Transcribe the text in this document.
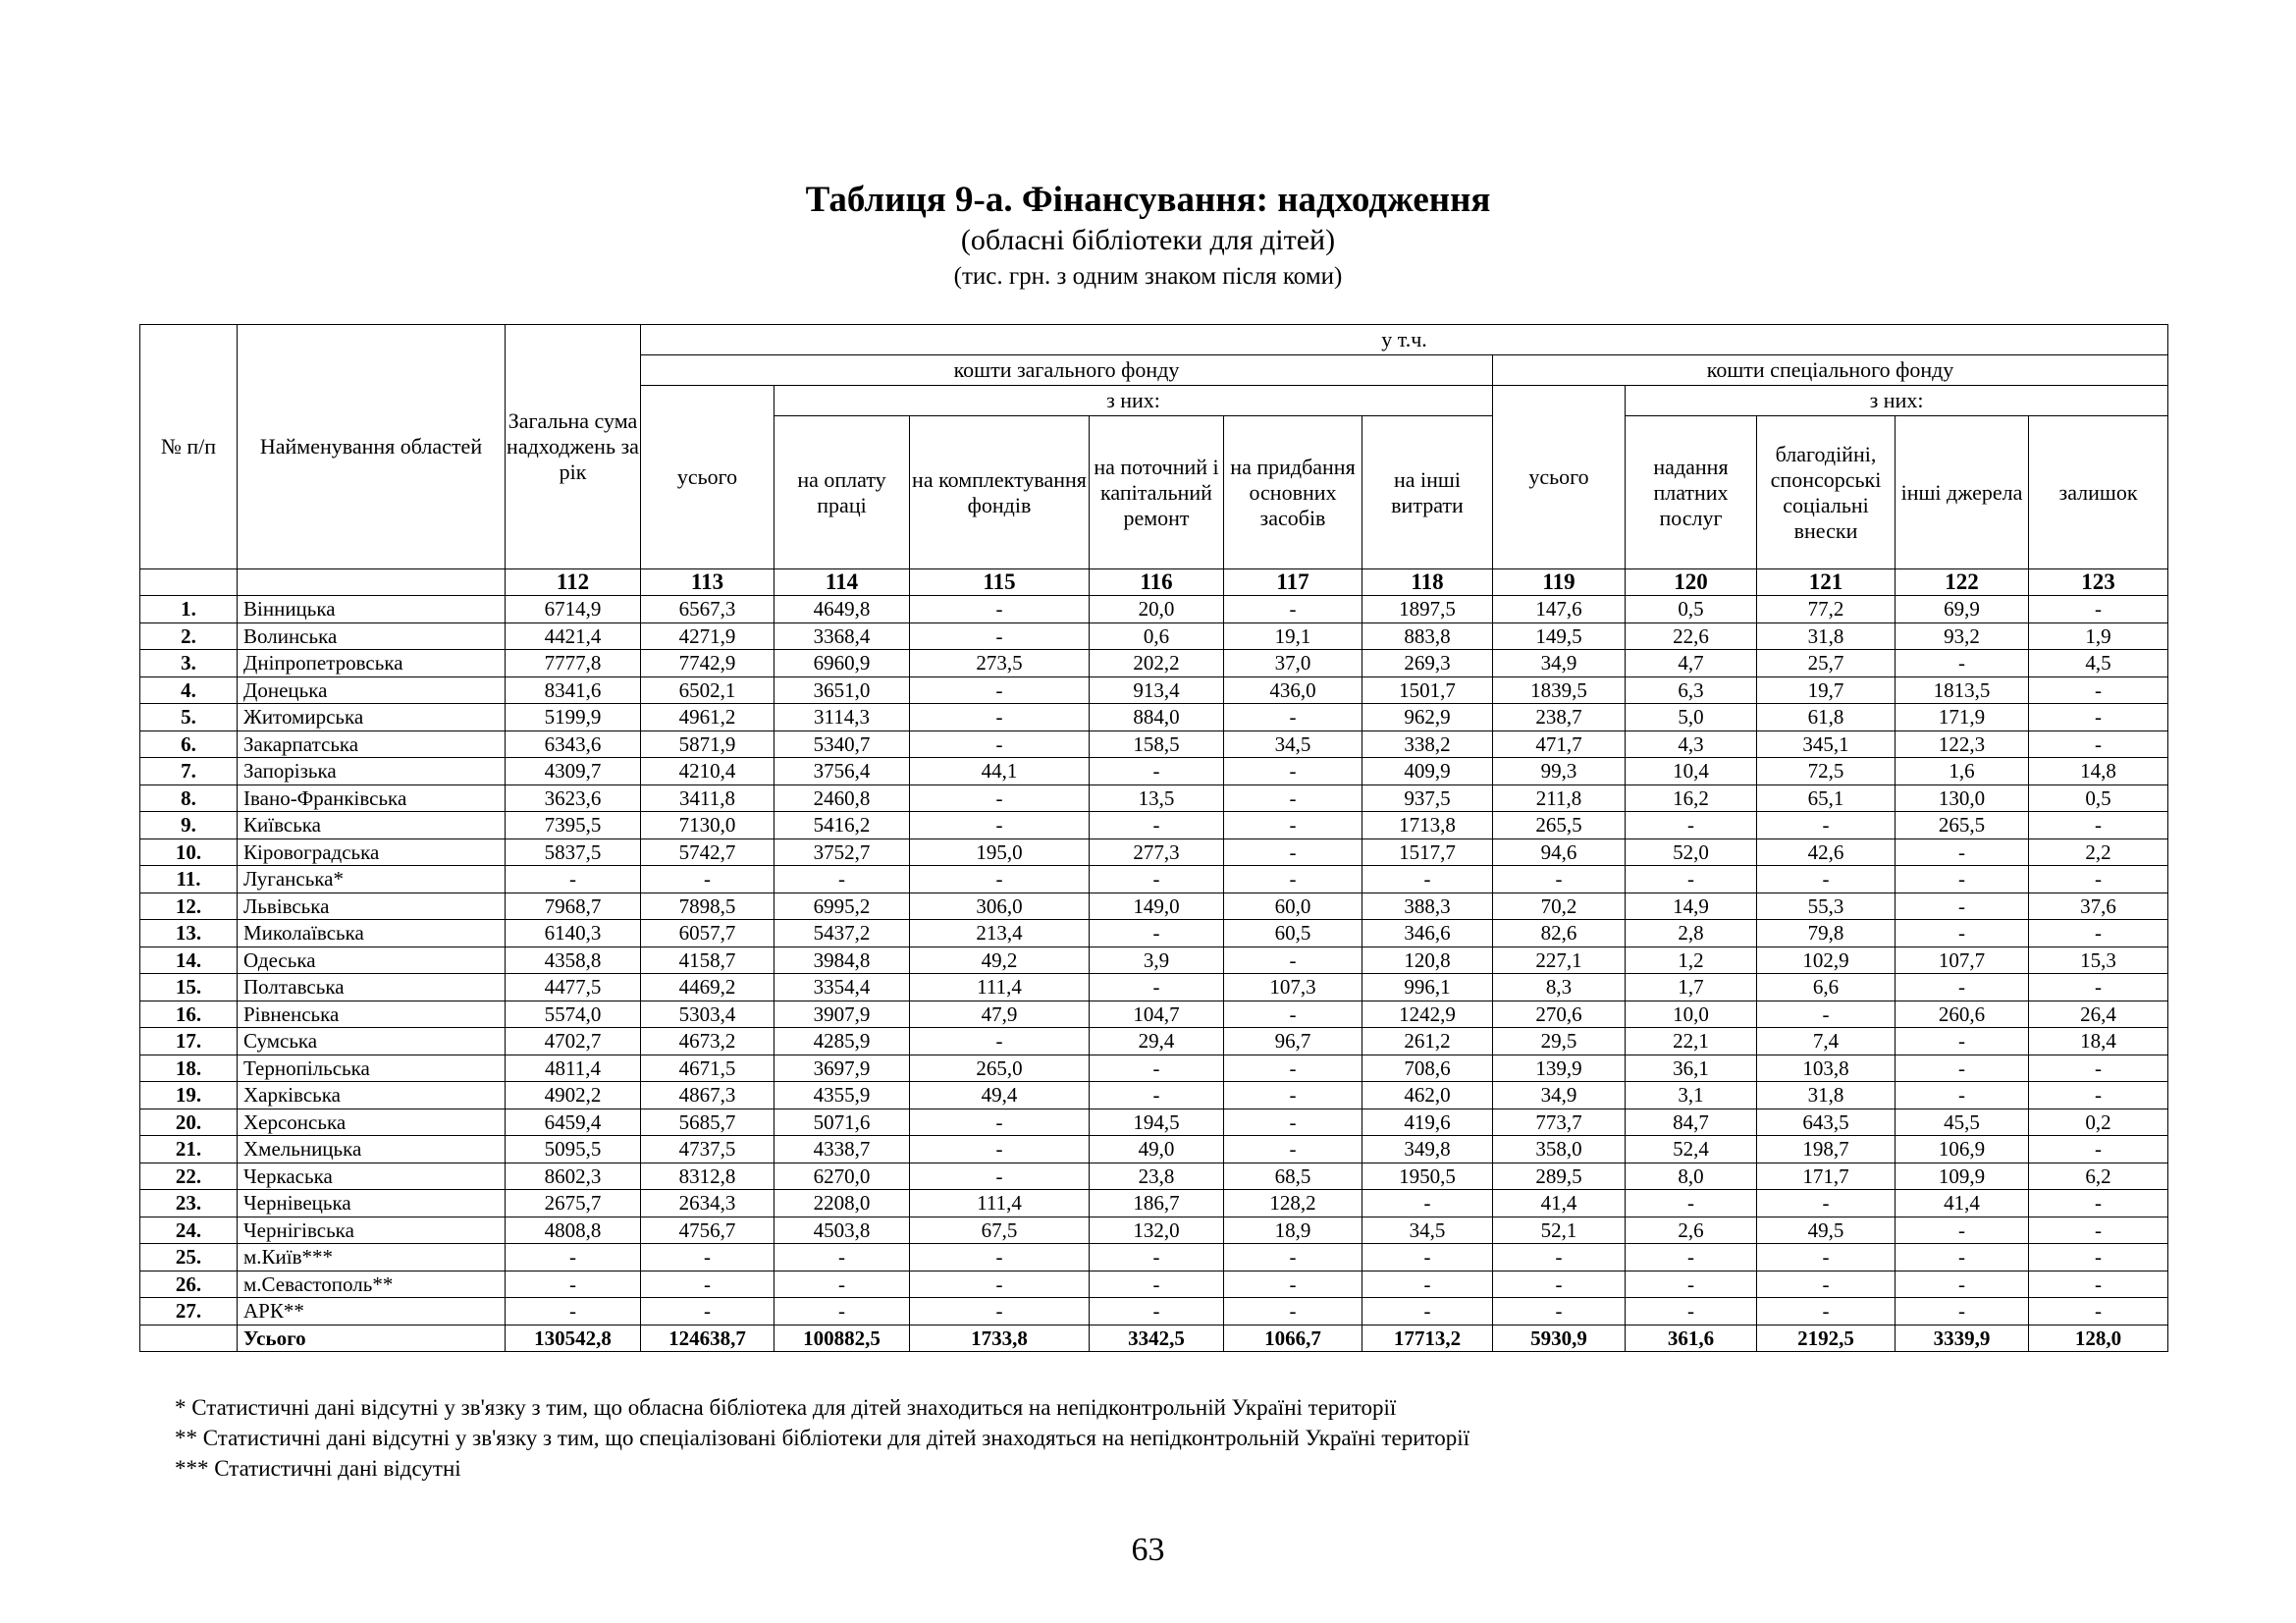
Таблиця 9-а. Фінансування: надходження
(обласні бібліотеки для дітей)
(тис. грн. з одним знаком після коми)
№ п/п	Найменування областей	Загальна сума надходжень за рік	у т.ч.										
			кошти загального фонду						кошти спеціального фонду				
			усього	з них:					усього	з них:			
				на оплату праці	на комплектування фондів	на поточний і капітальний ремонт	на придбання основних засобів	на інші витрати		надання платних послуг	благодійні, спонсорські соціальні внески	інші джерела	залишок
		112	113	114	115	116	117	118	119	120	121	122	123
1.	Вінницька	6714,9	6567,3	4649,8	-	20,0	-	1897,5	147,6	0,5	77,2	69,9	-
2.	Волинська	4421,4	4271,9	3368,4	-	0,6	19,1	883,8	149,5	22,6	31,8	93,2	1,9
3.	Дніпропетровська	7777,8	7742,9	6960,9	273,5	202,2	37,0	269,3	34,9	4,7	25,7	-	4,5
4.	Донецька	8341,6	6502,1	3651,0	-	913,4	436,0	1501,7	1839,5	6,3	19,7	1813,5	-
5.	Житомирська	5199,9	4961,2	3114,3	-	884,0	-	962,9	238,7	5,0	61,8	171,9	-
6.	Закарпатська	6343,6	5871,9	5340,7	-	158,5	34,5	338,2	471,7	4,3	345,1	122,3	-
7.	Запорізька	4309,7	4210,4	3756,4	44,1	-	-	409,9	99,3	10,4	72,5	1,6	14,8
8.	Івано-Франківська	3623,6	3411,8	2460,8	-	13,5	-	937,5	211,8	16,2	65,1	130,0	0,5
9.	Київська	7395,5	7130,0	5416,2	-	-	-	1713,8	265,5	-	-	265,5	-
10.	Кіровоградська	5837,5	5742,7	3752,7	195,0	277,3	-	1517,7	94,6	52,0	42,6	-	2,2
11.	Луганська*	-	-	-	-	-	-	-	-	-	-	-	-
12.	Львівська	7968,7	7898,5	6995,2	306,0	149,0	60,0	388,3	70,2	14,9	55,3	-	37,6
13.	Миколаївська	6140,3	6057,7	5437,2	213,4	-	60,5	346,6	82,6	2,8	79,8	-	-
14.	Одеська	4358,8	4158,7	3984,8	49,2	3,9	-	120,8	227,1	1,2	102,9	107,7	15,3
15.	Полтавська	4477,5	4469,2	3354,4	111,4	-	107,3	996,1	8,3	1,7	6,6	-	-
16.	Рівненська	5574,0	5303,4	3907,9	47,9	104,7	-	1242,9	270,6	10,0	-	260,6	26,4
17.	Сумська	4702,7	4673,2	4285,9	-	29,4	96,7	261,2	29,5	22,1	7,4	-	18,4
18.	Тернопільська	4811,4	4671,5	3697,9	265,0	-	-	708,6	139,9	36,1	103,8	-	-
19.	Харківська	4902,2	4867,3	4355,9	49,4	-	-	462,0	34,9	3,1	31,8	-	-
20.	Херсонська	6459,4	5685,7	5071,6	-	194,5	-	419,6	773,7	84,7	643,5	45,5	0,2
21.	Хмельницька	5095,5	4737,5	4338,7	-	49,0	-	349,8	358,0	52,4	198,7	106,9	-
22.	Черкаська	8602,3	8312,8	6270,0	-	23,8	68,5	1950,5	289,5	8,0	171,7	109,9	6,2
23.	Чернівецька	2675,7	2634,3	2208,0	111,4	186,7	128,2	-	41,4	-	-	41,4	-
24.	Чернігівська	4808,8	4756,7	4503,8	67,5	132,0	18,9	34,5	52,1	2,6	49,5	-	-
25.	м.Київ***	-	-	-	-	-	-	-	-	-	-	-	-
26.	м.Севастополь**	-	-	-	-	-	-	-	-	-	-	-	-
27.	АРК**	-	-	-	-	-	-	-	-	-	-	-	-
	Усього	130542,8	124638,7	100882,5	1733,8	3342,5	1066,7	17713,2	5930,9	361,6	2192,5	3339,9	128,0
* Статистичні дані відсутні у зв'язку з тим, що обласна бібліотека для дітей знаходиться на непідконтрольній Україні території
** Статистичні дані відсутні у зв'язку з тим, що спеціалізовані бібліотеки для дітей знаходяться на непідконтрольній Україні території
*** Статистичні дані відсутні
63
